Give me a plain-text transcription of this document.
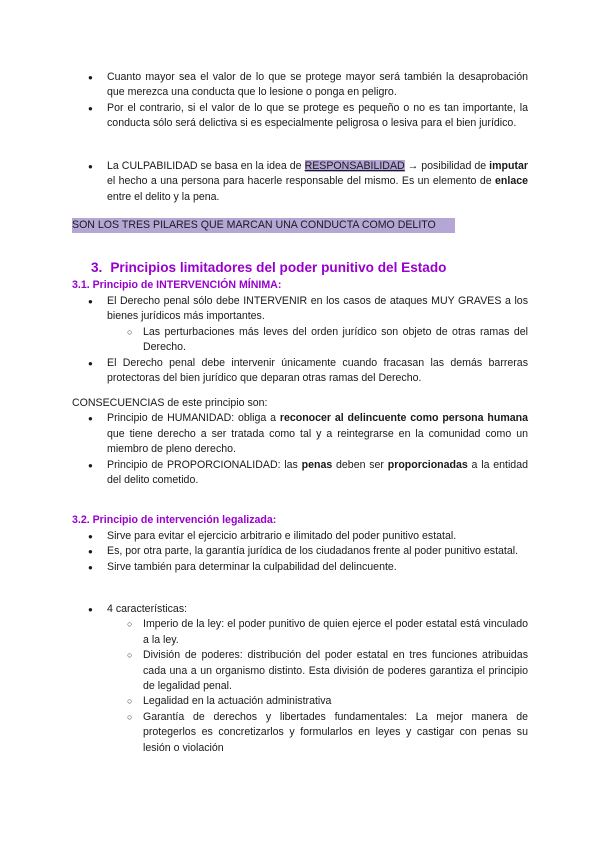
● Cuanto mayor sea el valor de lo que se protege mayor será también la desaprobación que merezca una conducta que lo lesione o ponga en peligro.
● Por el contrario, si el valor de lo que se protege es pequeño o no es tan importante, la conducta sólo será delictiva si es especialmente peligrosa o lesiva para el bien jurídico.
● La CULPABILIDAD se basa en la idea de RESPONSABILIDAD → posibilidad de imputar el hecho a una persona para hacerle responsable del mismo. Es un elemento de enlace entre el delito y la pena.
SON LOS TRES PILARES QUE MARCAN UNA CONDUCTA COMO DELITO
3. Principios limitadores del poder punitivo del Estado
3.1. Principio de INTERVENCIÓN MÍNIMA:
● El Derecho penal sólo debe INTERVENIR en los casos de ataques MUY GRAVES a los bienes jurídicos más importantes.
○ Las perturbaciones más leves del orden jurídico son objeto de otras ramas del Derecho.
● El Derecho penal debe intervenir únicamente cuando fracasan las demás barreras protectoras del bien jurídico que deparan otras ramas del Derecho.
CONSECUENCIAS de este principio son:
● Principio de HUMANIDAD: obliga a reconocer al delincuente como persona humana que tiene derecho a ser tratada como tal y a reintegrarse en la comunidad como un miembro de pleno derecho.
● Principio de PROPORCIONALIDAD: las penas deben ser proporcionadas a la entidad del delito cometido.
3.2. Principio de intervención legalizada:
● Sirve para evitar el ejercicio arbitrario e ilimitado del poder punitivo estatal.
● Es, por otra parte, la garantía jurídica de los ciudadanos frente al poder punitivo estatal.
● Sirve también para determinar la culpabilidad del delincuente.
● 4 características:
○ Imperio de la ley: el poder punitivo de quien ejerce el poder estatal está vinculado a la ley.
○ División de poderes: distribución del poder estatal en tres funciones atribuidas cada una a un organismo distinto. Esta división de poderes garantiza el principio de legalidad penal.
○ Legalidad en la actuación administrativa
○ Garantía de derechos y libertades fundamentales: La mejor manera de protegerlos es concretizarlos y formularlos en leyes y castigar con penas su lesión o violación
